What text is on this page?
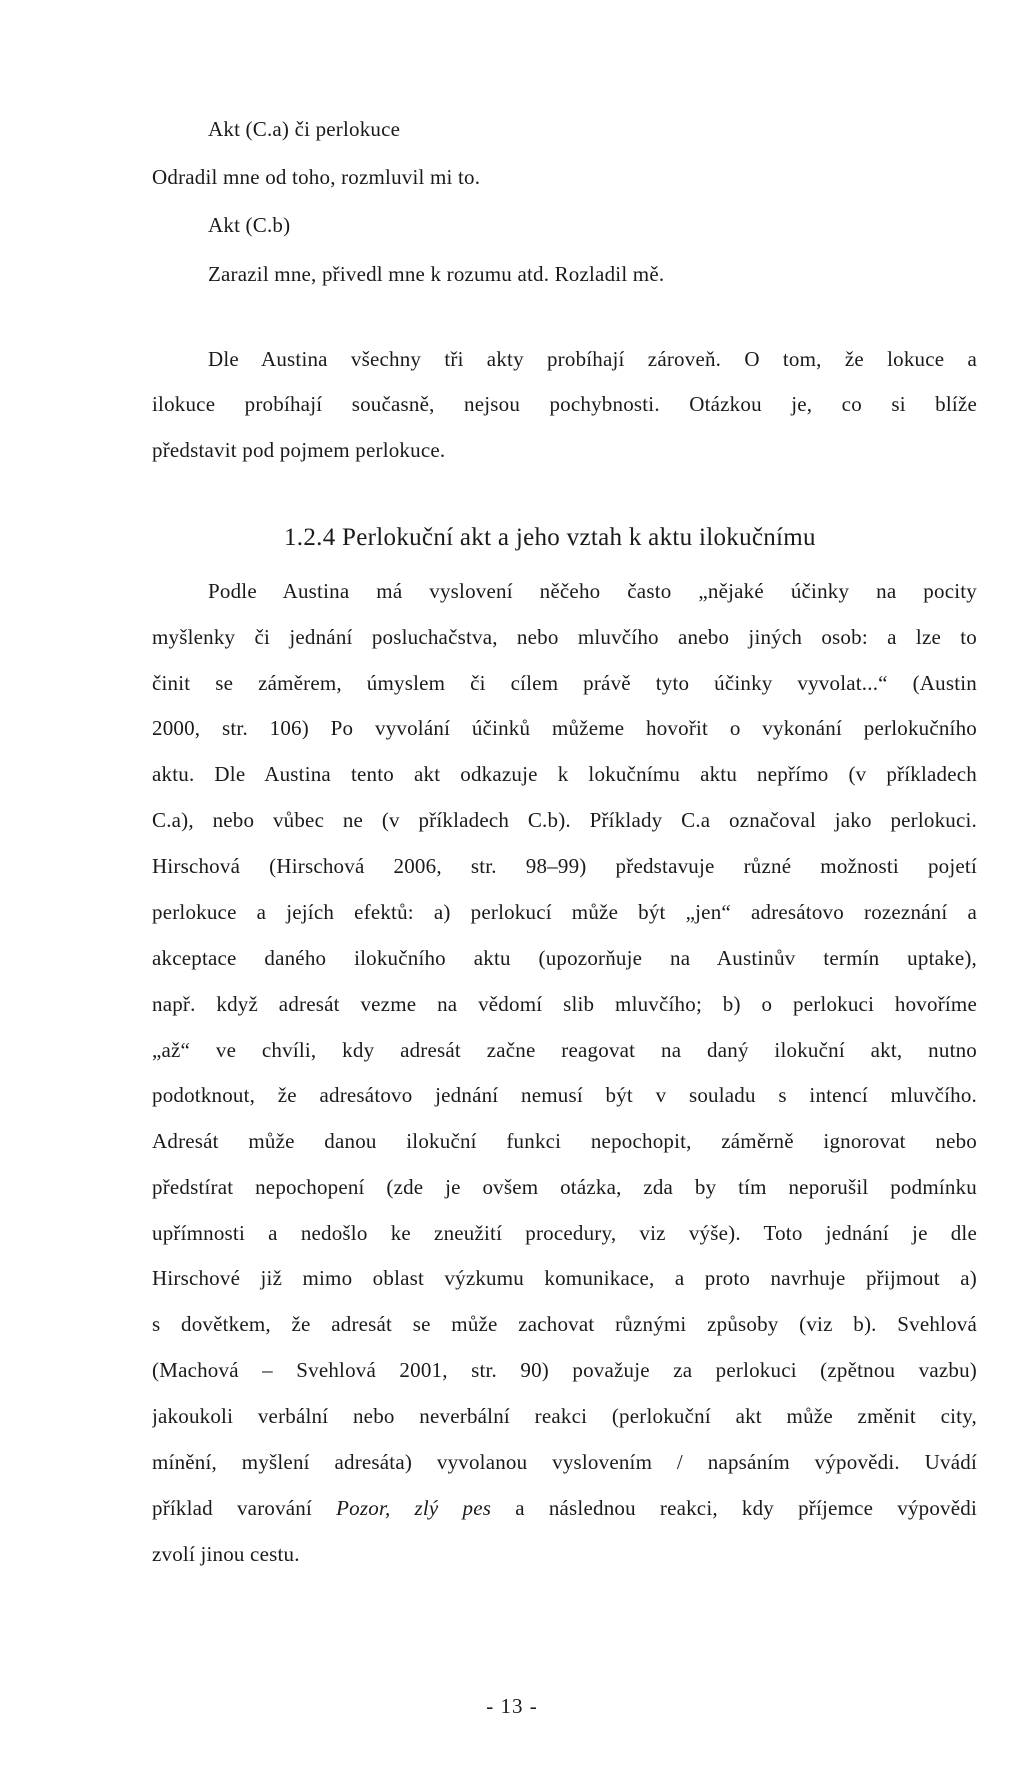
Akt (C.a) či perlokuce
Odradil mne od toho, rozmluvil mi to.
Akt (C.b)
Zarazil mne, přivedl mne k rozumu atd. Rozladil mě.
Dle Austina všechny tři akty probíhají zároveň. O tom, že lokuce a
ilokuce probíhají současně, nejsou pochybnosti. Otázkou je, co si blíže
představit pod pojmem perlokuce.
1.2.4 Perlokuční akt a jeho vztah k aktu ilokučnímu
Podle Austina má vyslovení něčeho často „nějaké účinky na pocity
myšlenky či jednání posluchačstva, nebo mluvčího anebo jiných osob: a lze to
činit se záměrem, úmyslem či cílem právě tyto účinky vyvolat...“ (Austin
2000, str. 106) Po vyvolání účinků můžeme hovořit o vykonání perlokučního
aktu. Dle Austina tento akt odkazuje k lokučnímu aktu nepřímo (v příkladech
C.a), nebo vůbec ne (v příkladech C.b). Příklady C.a označoval jako perlokuci.
Hirschová (Hirschová 2006, str. 98–99) představuje různé možnosti pojetí
perlokuce a jejích efektů: a) perlokucí může být „jen“ adresátovo rozeznání a
akceptace daného ilokučního aktu (upozorňuje na Austinův termín uptake),
např. když adresát vezme na vědomí slib mluvčího; b) o perlokuci hovoříme
„až“ ve chvíli, kdy adresát začne reagovat na daný ilokuční akt, nutno
podotknout, že adresátovo jednání nemusí být v souladu s intencí mluvčího.
Adresát může danou ilokuční funkci nepochopit, záměrně ignorovat nebo
předstírat nepochopení (zde je ovšem otázka, zda by tím neporušil podmínku
upřímnosti a nedošlo ke zneužití procedury, viz výše). Toto jednání je dle
Hirschové již mimo oblast výzkumu komunikace, a proto navrhuje přijmout a)
s dovětkem, že adresát se může zachovat různými způsoby (viz b). Svehlová
(Machová – Svehlová 2001, str. 90) považuje za perlokuci (zpětnou vazbu)
jakoukoli verbální nebo neverbální reakci (perlokuční akt může změnit city,
mínění, myšlení adresáta) vyvolanou vyslovením / napsáním výpovědi. Uvádí
příklad varování Pozor, zlý pes a následnou reakci, kdy příjemce výpovědi
zvolí jinou cestu.
- 13 -
